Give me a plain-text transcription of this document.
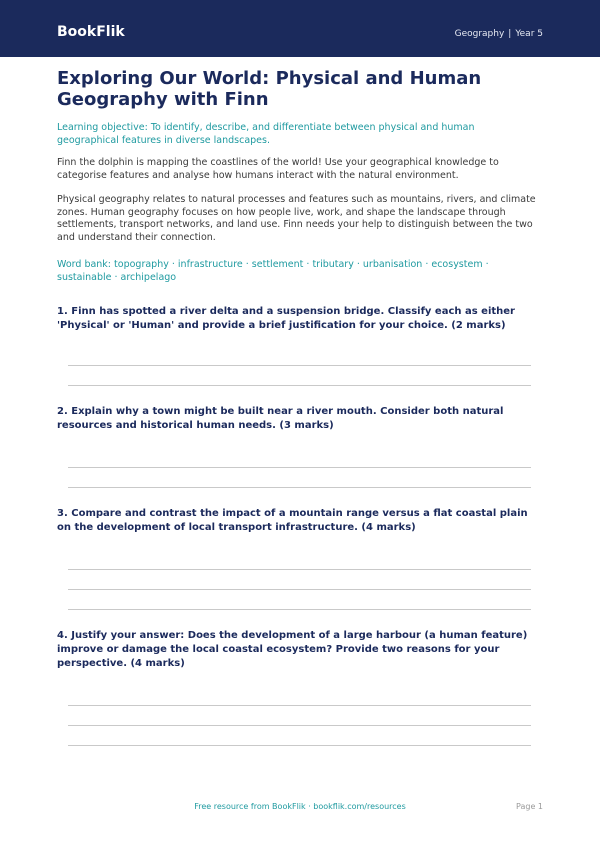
BookFlik	Geography | Year 5
Exploring Our World: Physical and Human Geography with Finn

Learning objective: To identify, describe, and differentiate between physical and human geographical features in diverse landscapes.

Finn the dolphin is mapping the coastlines of the world! Use your geographical knowledge to categorise features and analyse how humans interact with the natural environment.

Physical geography relates to natural processes and features such as mountains, rivers, and climate zones. Human geography focuses on how people live, work, and shape the landscape through settlements, transport networks, and land use. Finn needs your help to distinguish between the two and understand their connection.

Word bank: topography · infrastructure · settlement · tributary · urbanisation · ecosystem · sustainable · archipelago

1. Finn has spotted a river delta and a suspension bridge. Classify each as either 'Physical' or 'Human' and provide a brief justification for your choice. (2 marks)

2. Explain why a town might be built near a river mouth. Consider both natural resources and historical human needs. (3 marks)

3. Compare and contrast the impact of a mountain range versus a flat coastal plain on the development of local transport infrastructure. (4 marks)

4. Justify your answer: Does the development of a large harbour (a human feature) improve or damage the local coastal ecosystem? Provide two reasons for your perspective. (4 marks)

Free resource from BookFlik · bookflik.com/resources	Page 1
